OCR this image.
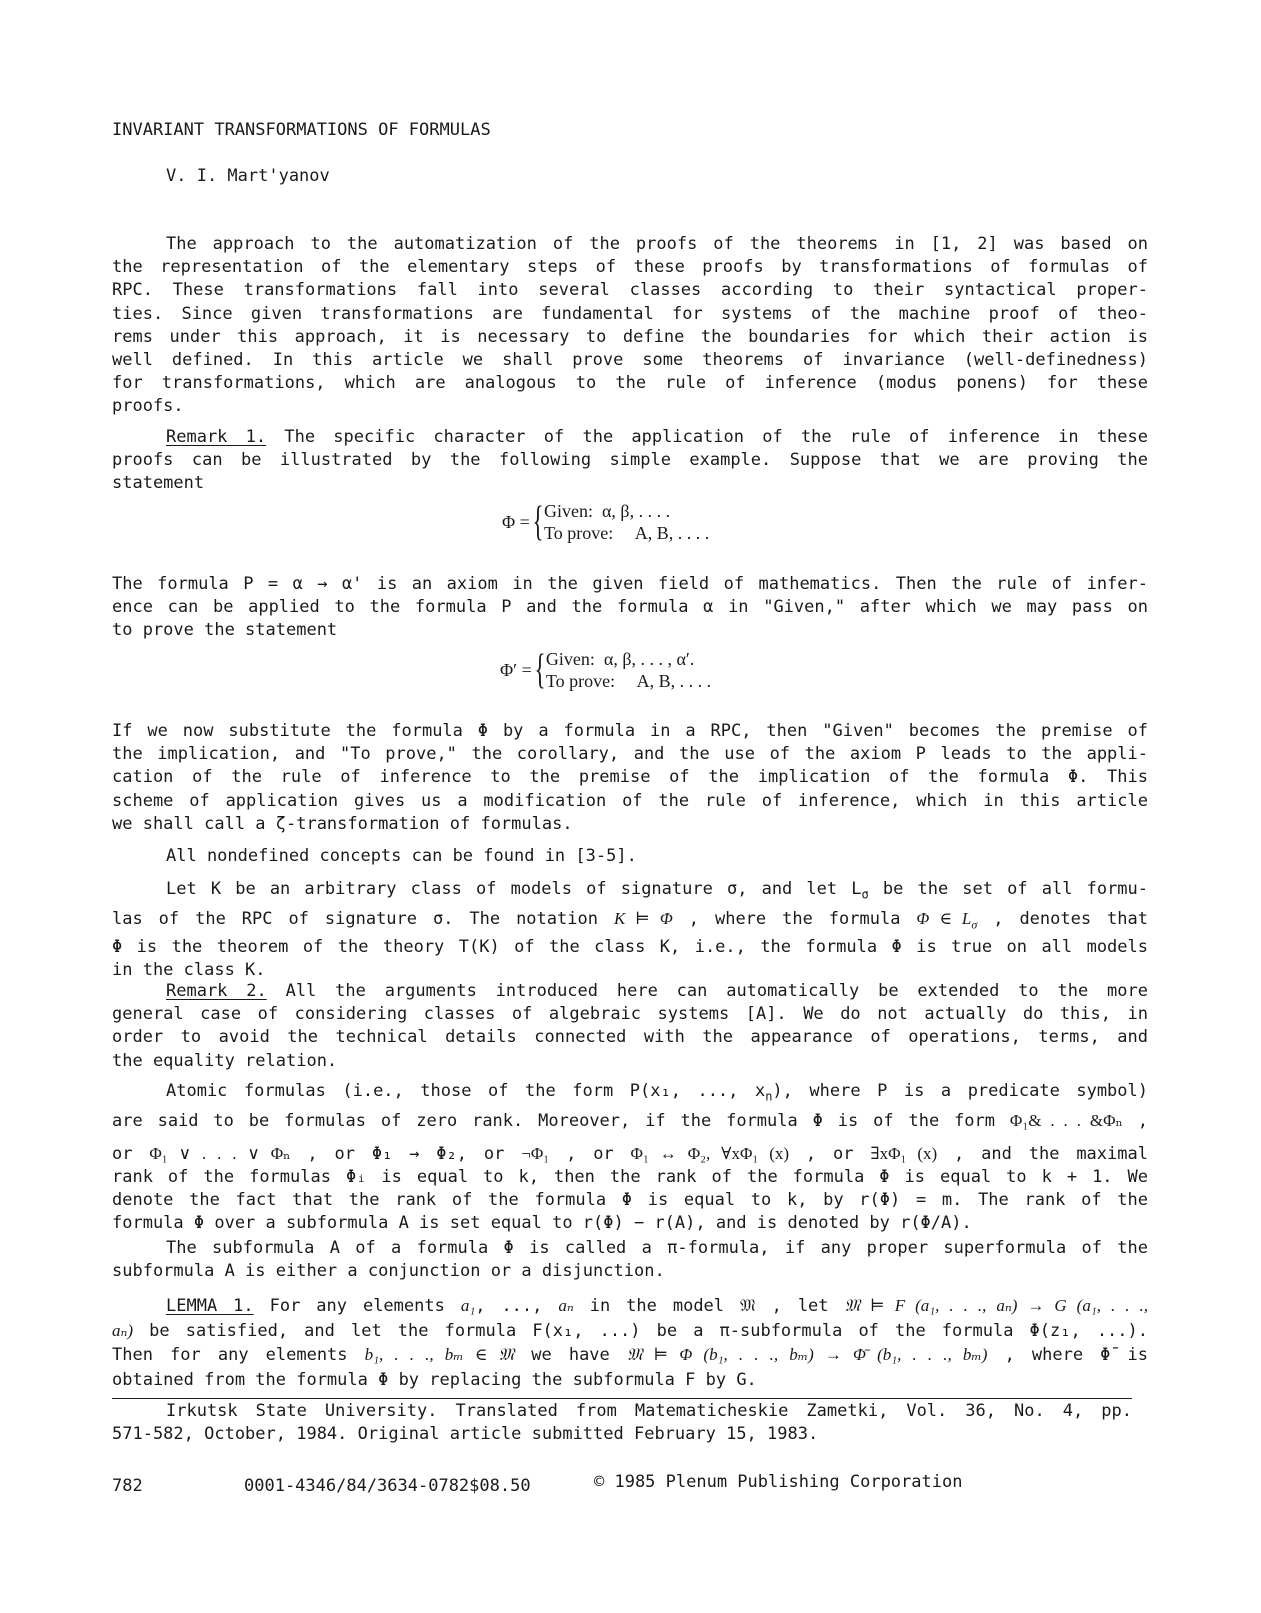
INVARIANT TRANSFORMATIONS OF FORMULAS
V. I. Mart'yanov
The approach to the automatization of the proofs of the theorems in [1, 2] was based on
the representation of the elementary steps of these proofs by transformations of formulas of
RPC. These transformations fall into several classes according to their syntactical proper-
ties. Since given transformations are fundamental for systems of the machine proof of theo-
rems under this approach, it is necessary to define the boundaries for which their action is
well defined. In this article we shall prove some theorems of invariance (well-definedness)
for transformations, which are analogous to the rule of inference (modus ponens) for these
proofs.
Remark 1. The specific character of the application of the rule of inference in these
proofs can be illustrated by the following simple example. Suppose that we are proving the
statement
Φ = { Given:  α, β, . . . .
To prove:     A, B, . . . .
The formula P = α → α' is an axiom in the given field of mathematics. Then the rule of infer-
ence can be applied to the formula P and the formula α in "Given," after which we may pass on
to prove the statement
Φ′ = { Given:  α, β, . . . , α′.
To prove:     A, B, . . . .
If we now substitute the formula Φ by a formula in a RPC, then "Given" becomes the premise of
the implication, and "To prove," the corollary, and the use of the axiom P leads to the appli-
cation of the rule of inference to the premise of the implication of the formula Φ. This
scheme of application gives us a modification of the rule of inference, which in this article
we shall call a ζ-transformation of formulas.
All nondefined concepts can be found in [3-5].
Let K be an arbitrary class of models of signature σ, and let $L_\sigma$ be the set of all formu-
las of the RPC of signature σ. The notation K ⊨ Φ , where the formula Φ ∈ $L_\sigma$ , denotes that
Φ is the theorem of the theory T(K) of the class K, i.e., the formula Φ is true on all models
in the class K.
Remark 2. All the arguments introduced here can automatically be extended to the more
general case of considering classes of algebraic systems [A]. We do not actually do this, in
order to avoid the technical details connected with the appearance of operations, terms, and
the equality relation.
Atomic formulas (i.e., those of the form P(x₁, ..., $x_n$), where P is a predicate symbol)
are said to be formulas of zero rank. Moreover, if the formula Φ is of the form Φ₁& . . . &Φₙ ,
or Φ₁ ∨ . . . ∨ Φₙ , or Φ₁ → Φ₂, or ¬Φ₁ , or Φ₁ ↔ Φ₂, ∀xΦ₁ (x) , or ∃xΦ₁ (x) , and the maximal
rank of the formulas Φᵢ is equal to k, then the rank of the formula Φ is equal to k + 1. We
denote the fact that the rank of the formula Φ is equal to k, by r(Φ) = m. The rank of the
formula Φ over a subformula A is set equal to r(Φ) − r(A), and is denoted by r(Φ/A).
The subformula A of a formula Φ is called a π-formula, if any proper superformula of the
subformula A is either a conjunction or a disjunction.
LEMMA 1. For any elements a₁, ..., aₙ in the model 𝔐 , let 𝔐 ⊨ F (a₁, . . ., aₙ) → G (a₁, . . .,
aₙ) be satisfied, and let the formula F(x₁, ...) be a π-subformula of the formula Φ(z₁, ...).
Then for any elements b₁, . . ., bₘ ∈ 𝔐 we have 𝔐 ⊨ Φ (b₁, . . ., bₘ) → Φ̄ (b₁, . . ., bₘ) , where Φ̄ is
obtained from the formula Φ by replacing the subformula F by G.
Irkutsk State University. Translated from Matematicheskie Zametki, Vol. 36, No. 4, pp.
571-582, October, 1984. Original article submitted February 15, 1983.
782	0001-4346/84/3634-0782$08.50	© 1985 Plenum Publishing Corporation
